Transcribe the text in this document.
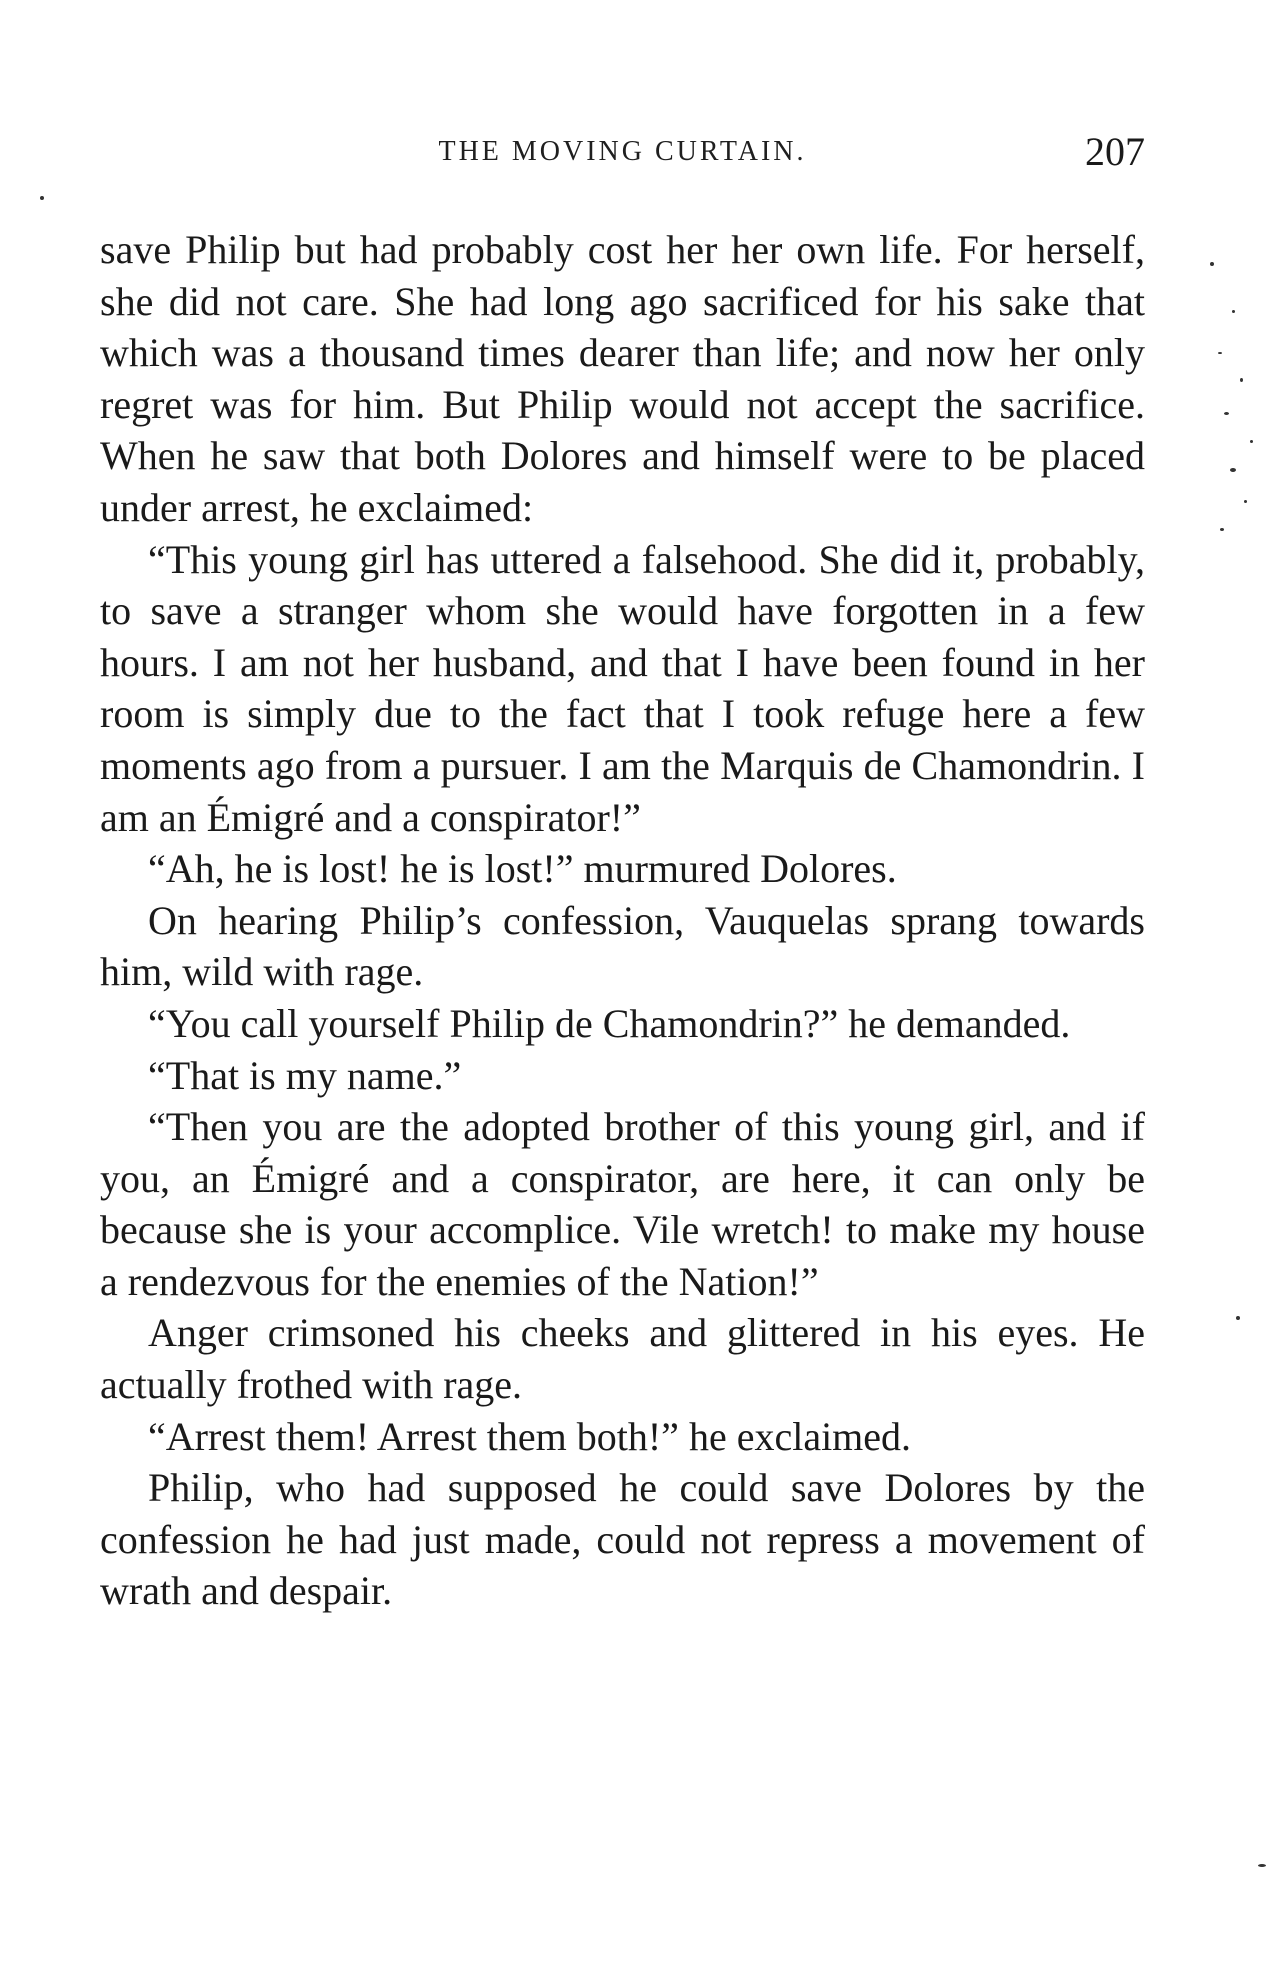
THE MOVING CURTAIN.	207

save Philip but had probably cost her her own life. For herself, she did not care. She had long ago sacrificed for his sake that which was a thousand times dearer than life; and now her only regret was for him. But Philip would not accept the sacrifice. When he saw that both Dolores and himself were to be placed under arrest, he exclaimed:

“This young girl has uttered a falsehood. She did it, probably, to save a stranger whom she would have forgotten in a few hours. I am not her husband, and that I have been found in her room is simply due to the fact that I took refuge here a few moments ago from a pursuer. I am the Marquis de Chamondrin. I am an Émigré and a conspirator!”

“Ah, he is lost! he is lost!” murmured Dolores.

On hearing Philip’s confession, Vauquelas sprang towards him, wild with rage.

“You call yourself Philip de Chamondrin?” he demanded.

“That is my name.”

“Then you are the adopted brother of this young girl, and if you, an Émigré and a conspirator, are here, it can only be because she is your accomplice. Vile wretch! to make my house a rendezvous for the enemies of the Nation!”

Anger crimsoned his cheeks and glittered in his eyes. He actually frothed with rage.

“Arrest them! Arrest them both!” he exclaimed.

Philip, who had supposed he could save Dolores by the confession he had just made, could not repress a movement of wrath and despair.
